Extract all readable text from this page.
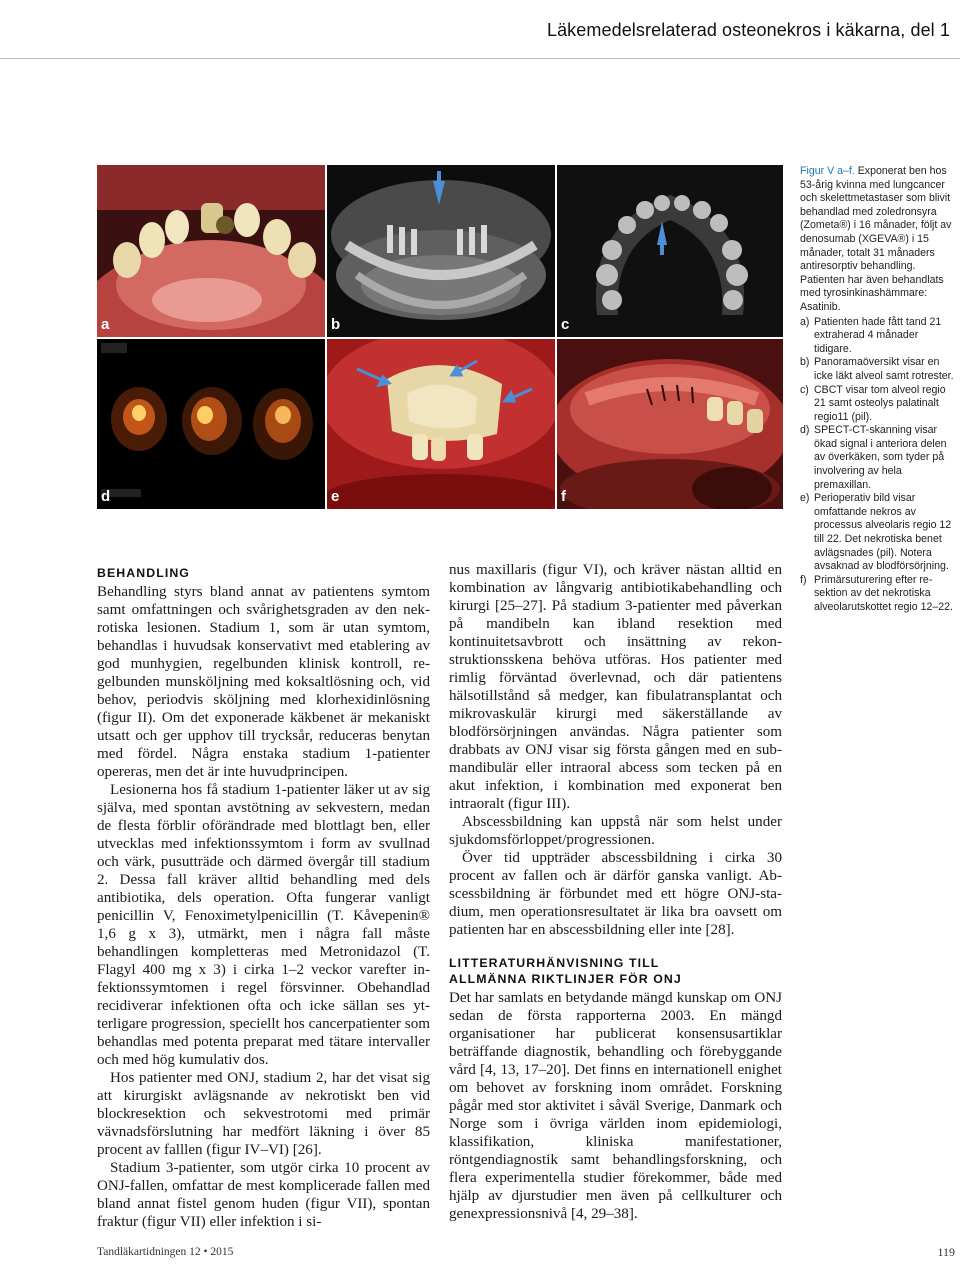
Läkemedelsrelaterad osteonekros i käkarna, del 1
a	b	c
d	e	f

Figur V a–f. Exponerat ben hos 53-årig kvinna med lungcancer och skelettmetastaser som blivit behandlad med zoledronsyra (Zometa®) i 16 månader, följt av denosumab (XGEVA®) i 15 månader, totalt 31 månaders antiresorptiv behandling. Patienten har även behandlats med tyrosinkinashämmare: Asatinib.

a) Patienten hade fått tand 21 extraherad 4 månader tidigare.
b) Panoramaöversikt visar en icke läkt alveol samt rotrester.
c) CBCT visar tom alveol regio 21 samt osteolys palatinalt regio11 (pil).
d) SPECT-CT-skanning visar ökad signal i anteriora delen av överkäken, som tyder på involvering av hela premaxillan.
e) Perioperativ bild visar omfattande nekros av processus alveolaris regio 12 till 22. Det nekrotiska benet avlägsnades (pil). Notera avsaknad av blodförsörjning.
f) Primärsuturering efter resektion av det nekrotiska alveolarutskottet regio 12–22.
BEHANDLING

Behandling styrs bland annat av patientens symtom samt omfattningen och svårighetsgraden av den nekrotiska lesionen. Stadium 1, som är utan symtom, behandlas i huvudsak konservativt med etablering av god munhygien, regelbunden klinisk kontroll, regelbunden munsköljning med koksaltlösning och, vid behov, periodvis sköljning med klorhexidinlösning (figur II). Om det exponerade käkbenet är mekaniskt utsatt och ger upphov till trycksår, reduceras benytan med fördel. Några enstaka stadium 1-patienter opereras, men det är inte huvudprincipen.

Lesionerna hos få stadium 1-patienter läker ut av sig själva, med spontan avstötning av sekvestern, medan de flesta förblir oförändrade med blottlagt ben, eller utvecklas med infektionssymtom i form av svullnad och värk, pusutträde och därmed övergår till stadium 2. Dessa fall kräver alltid behandling med dels antibiotika, dels operation. Ofta fungerar vanligt penicillin V, Fenoximetylpenicillin (T. Kåvepenin® 1,6 g x 3), utmärkt, men i några fall måste behandlingen kompletteras med Metronidazol (T. Flagyl 400 mg x 3) i cirka 1–2 veckor varefter infektionssymtomen i regel försvinner. Obehandlad recidiverar infektionen ofta och icke sällan ses ytterligare progression, speciellt hos cancerpatienter som behandlas med potenta preparat med tätare intervaller och med hög kumulativ dos.

Hos patienter med ONJ, stadium 2, har det visat sig att kirurgiskt avlägsnande av nekrotiskt ben vid blockresektion och sekvestrotomi med primär vävnadsförslutning har medfört läkning i över 85 procent av falllen (figur IV–VI) [26].

Stadium 3-patienter, som utgör cirka 10 procent av ONJ-fallen, omfattar de mest komplicerade fallen med bland annat fistel genom huden (figur VII), spontan fraktur (figur VII) eller infektion i si-

nus maxillaris (figur VI), och kräver nästan alltid en kombination av långvarig antibiotikabehandling och kirurgi [25–27]. På stadium 3-patienter med påverkan på mandibeln kan ibland resektion med kontinuitetsavbrott och insättning av rekonstruktionsskena behöva utföras. Hos patienter med rimlig förväntad överlevnad, och där patientens hälsotillstånd så medger, kan fibulatransplantat och mikrovaskulär kirurgi med säkerställande av blodförsörjningen användas. Några patienter som drabbats av ONJ visar sig första gången med en submandibulär eller intraoral abcess som tecken på en akut infektion, i kombination med exponerat ben intraoralt (figur III).

Abscessbildning kan uppstå när som helst under sjukdomsförloppet/progressionen.

Över tid uppträder abscessbildning i cirka 30 procent av fallen och är därför ganska vanligt. Abscessbildning är förbundet med ett högre ONJ-stadium, men operationsresultatet är lika bra oavsett om patienten har en abscessbildning eller inte [28].

LITTERATURHÄNVISNING TILL
ALLMÄNNA RIKTLINJER FÖR ONJ

Det har samlats en betydande mängd kunskap om ONJ sedan de första rapporterna 2003. En mängd organisationer har publicerat konsensusartiklar beträffande diagnostik, behandling och förebyggande vård [4, 13, 17–20]. Det finns en internationell enighet om behovet av forskning inom området. Forskning pågår med stor aktivitet i såväl Sverige, Danmark och Norge som i övriga världen inom epidemiologi, klassifikation, kliniska manifestationer, röntgendiagnostik samt behandlingsforskning, och flera experimentella studier förekommer, både med hjälp av djurstudier men även på cellkulturer och genexpressionsnivå [4, 29–38].

Tandläkartidningen 12 • 2015	119
